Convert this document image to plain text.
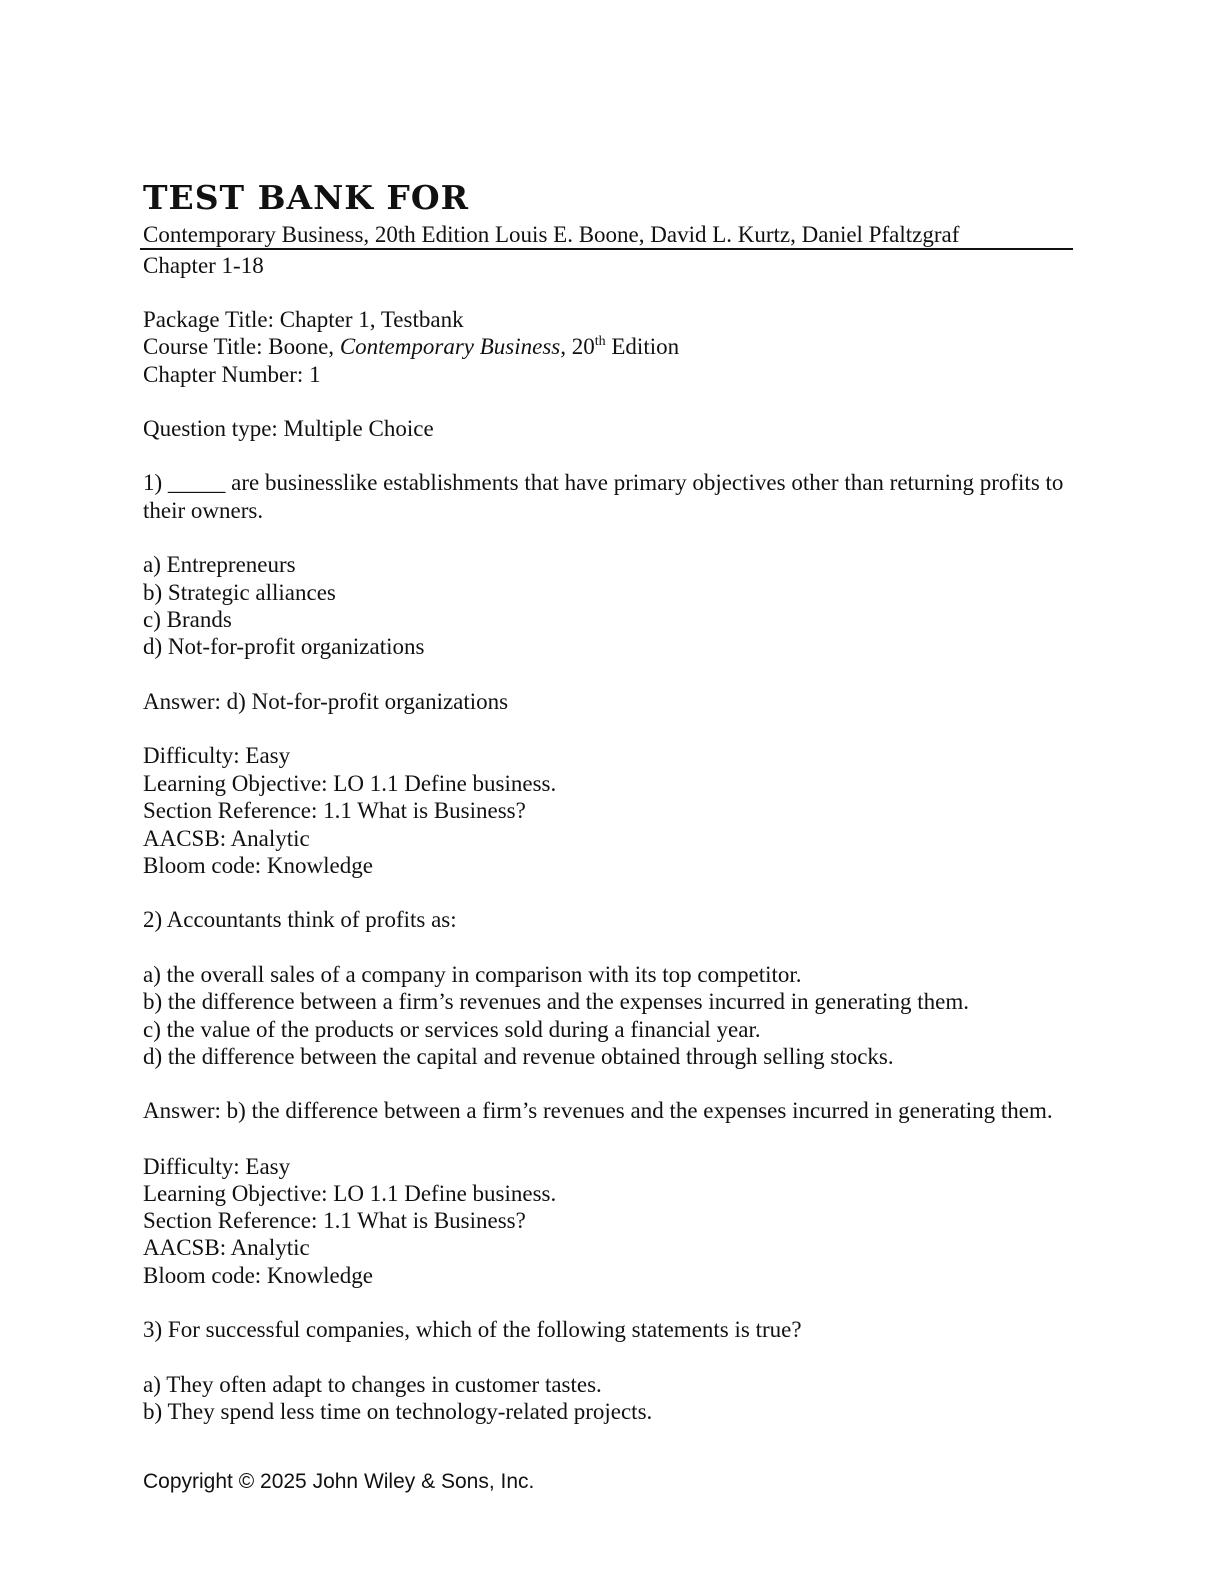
TEST BANK FOR
Contemporary Business, 20th Edition Louis E. Boone, David L. Kurtz, Daniel Pfaltzgraf
Chapter 1-18
Package Title: Chapter 1, Testbank
Course Title: Boone, Contemporary Business, 20th Edition
Chapter Number: 1
Question type: Multiple Choice
1) _____ are businesslike establishments that have primary objectives other than returning profits to their owners.
a) Entrepreneurs
b) Strategic alliances
c) Brands
d) Not-for-profit organizations
Answer: d) Not-for-profit organizations
Difficulty: Easy
Learning Objective: LO 1.1 Define business.
Section Reference: 1.1 What is Business?
AACSB: Analytic
Bloom code: Knowledge
2) Accountants think of profits as:
a) the overall sales of a company in comparison with its top competitor.
b) the difference between a firm’s revenues and the expenses incurred in generating them.
c) the value of the products or services sold during a financial year.
d) the difference between the capital and revenue obtained through selling stocks.
Answer: b) the difference between a firm’s revenues and the expenses incurred in generating them.
Difficulty: Easy
Learning Objective: LO 1.1 Define business.
Section Reference: 1.1 What is Business?
AACSB: Analytic
Bloom code: Knowledge
3) For successful companies, which of the following statements is true?
a) They often adapt to changes in customer tastes.
b) They spend less time on technology-related projects.
Copyright © 2025 John Wiley & Sons, Inc.
